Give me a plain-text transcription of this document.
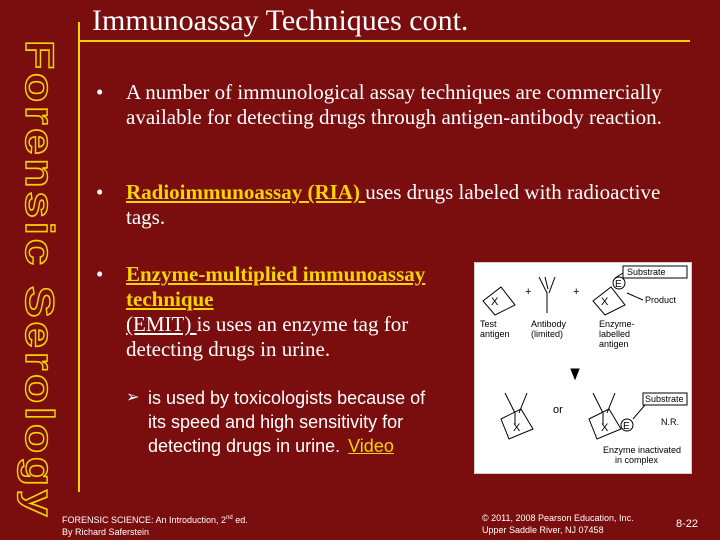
Forensic Serology
Immunoassay Techniques cont.
•	A number of immunological assay techniques are commercially available for detecting drugs through antigen-antibody reaction.
•	Radioimmunoassay (RIA) uses drugs labeled with radioactive tags.
•	Enzyme-multiplied immunoassay technique
(EMIT) is uses an enzyme tag for detecting drugs in urine.
➢ is used by toxicologists because of its speed and high sensitivity for detecting drugs in urine. Video
Substrate
Product
X
Test
antigen
+
Antibody
(limited)
+
X
E
Enzyme-
labelled
antigen
X
or
X E
Substrate
N.R.
Enzyme inactivated
in complex
FORENSIC SCIENCE: An Introduction, 2nd ed.
By Richard Saferstein
© 2011, 2008 Pearson Education, Inc.
Upper Saddle River, NJ 07458	8-22
